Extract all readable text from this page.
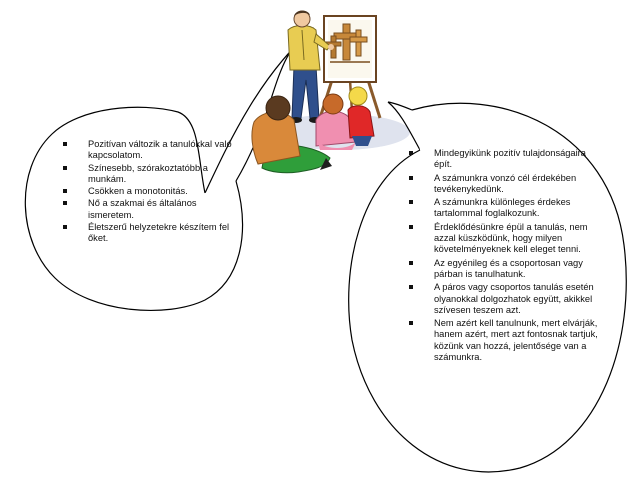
Pozitívan változik a tanulókkal való kapcsolatom.
Színesebb, szórakoztatóbb a munkám.
Csökken a monotonitás.
Nő a szakmai és általános ismeretem.
Életszerű helyzetekre készítem fel őket.
Mindegyikünk pozitív tulajdonságaira épít.
A számunkra vonzó cél érdekében tevékenykedünk.
A számunkra különleges érdekes tartalommal foglalkozunk.
Érdeklődésünkre épül a tanulás, nem azzal küszködünk, hogy milyen követelményeknek kell eleget tenni.
Az egyénileg és a csoportosan vagy párban is tanulhatunk.
A páros vagy csoportos tanulás esetén olyanokkal dolgozhatok együtt, akikkel szívesen teszem azt.
Nem azért kell tanulnunk, mert elvárják, hanem azért, mert azt fontosnak tartjuk, közünk van hozzá, jelentősége van a számunkra.
